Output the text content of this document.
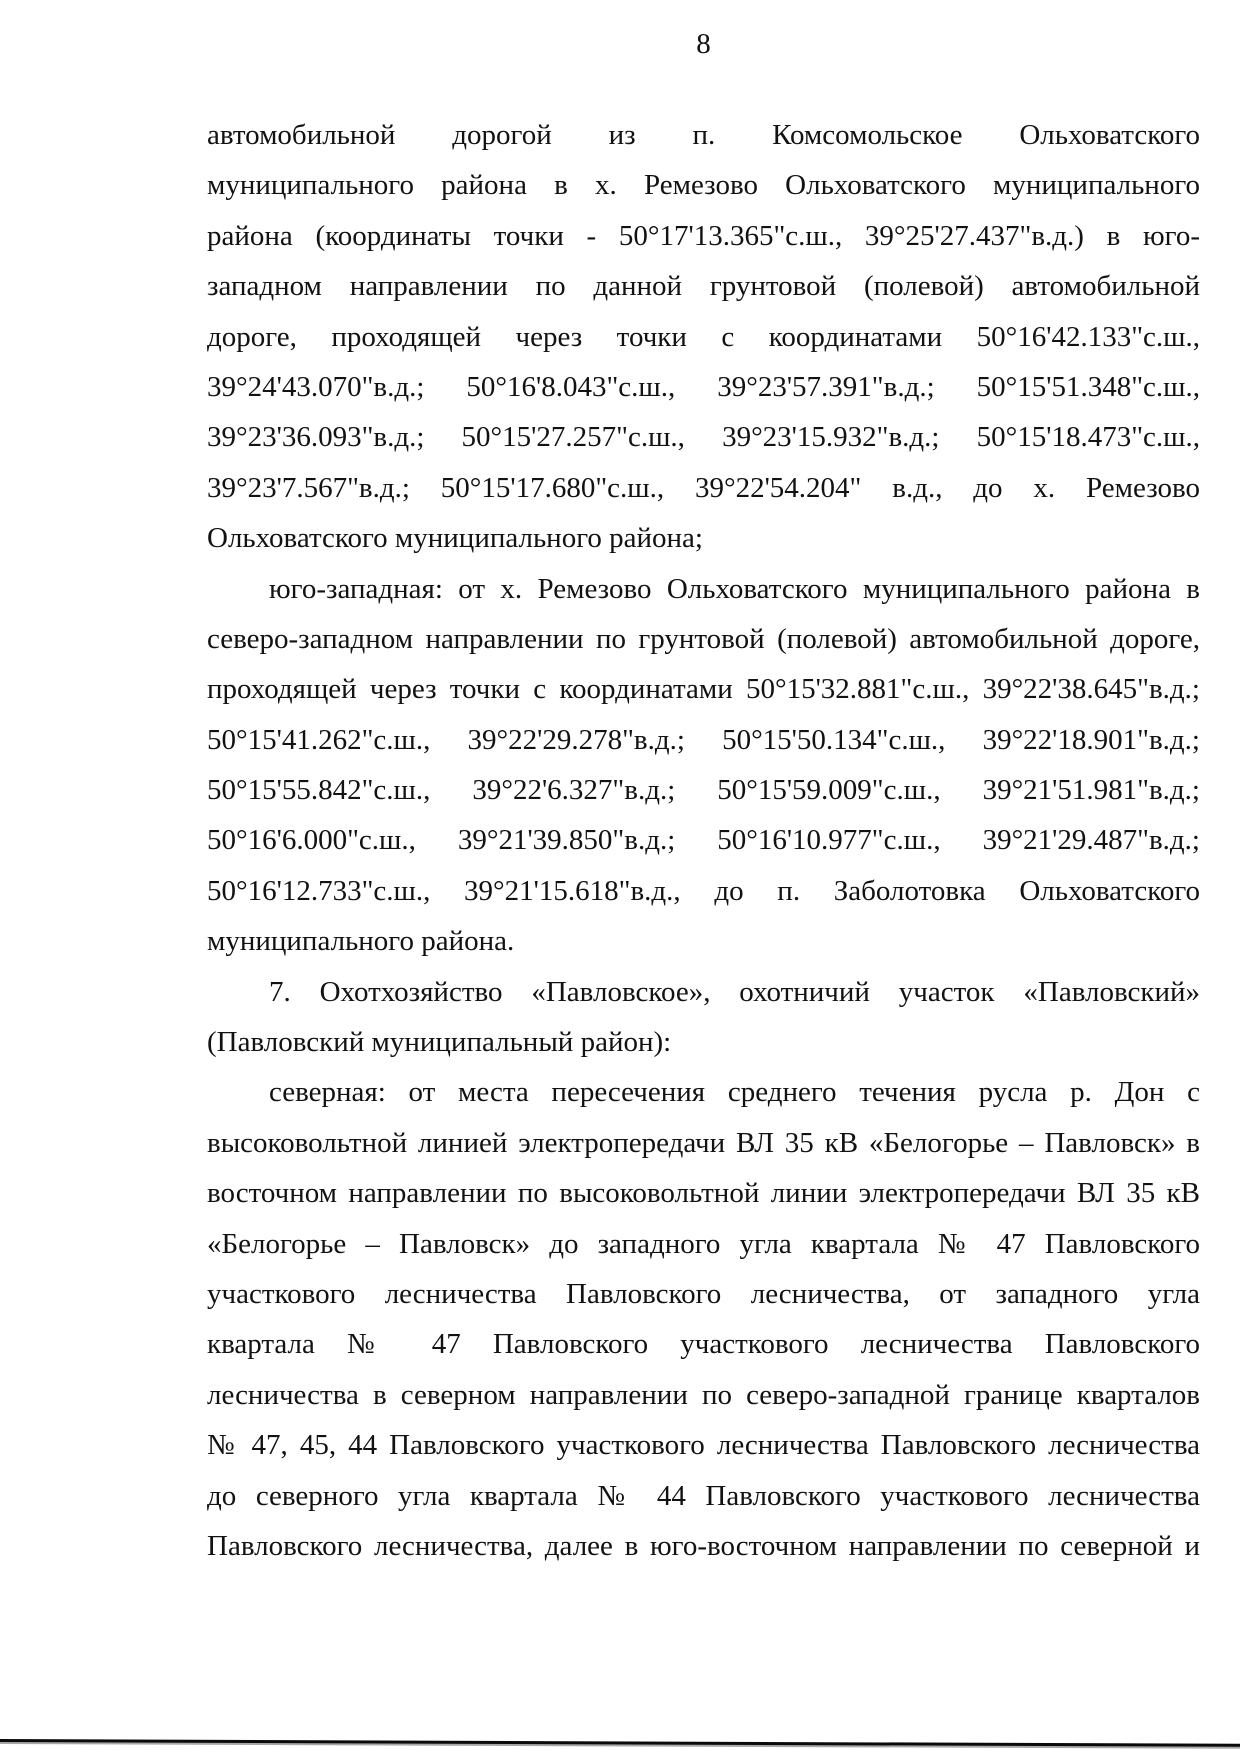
8
автомобильной дорогой из п. Комсомольское Ольховатского
муниципального района в х. Ремезово Ольховатского муниципального
района (координаты точки - 50°17'13.365"с.ш., 39°25'27.437"в.д.) в юго-
западном направлении по данной грунтовой (полевой) автомобильной
дороге, проходящей через точки с координатами 50°16'42.133"с.ш.,
39°24'43.070"в.д.; 50°16'8.043"с.ш., 39°23'57.391"в.д.; 50°15'51.348"с.ш.,
39°23'36.093"в.д.; 50°15'27.257"с.ш., 39°23'15.932"в.д.; 50°15'18.473"с.ш.,
39°23'7.567"в.д.; 50°15'17.680"с.ш., 39°22'54.204" в.д., до х. Ремезово
Ольховатского муниципального района;
юго-западная: от х. Ремезово Ольховатского муниципального района в
северо-западном направлении по грунтовой (полевой) автомобильной дороге,
проходящей через точки с координатами 50°15'32.881"с.ш., 39°22'38.645"в.д.;
50°15'41.262"с.ш., 39°22'29.278"в.д.; 50°15'50.134"с.ш., 39°22'18.901"в.д.;
50°15'55.842"с.ш., 39°22'6.327"в.д.; 50°15'59.009"с.ш., 39°21'51.981"в.д.;
50°16'6.000"с.ш., 39°21'39.850"в.д.; 50°16'10.977"с.ш., 39°21'29.487"в.д.;
50°16'12.733"с.ш., 39°21'15.618"в.д., до п. Заболотовка Ольховатского
муниципального района.
7. Охотхозяйство «Павловское», охотничий участок «Павловский»
(Павловский муниципальный район):
северная: от места пересечения среднего течения русла р. Дон с
высоковольтной линией электропередачи ВЛ 35 кВ «Белогорье – Павловск» в
восточном направлении по высоковольтной линии электропередачи ВЛ 35 кВ
«Белогорье – Павловск» до западного угла квартала № 47 Павловского
участкового лесничества Павловского лесничества, от западного угла
квартала № 47 Павловского участкового лесничества Павловского
лесничества в северном направлении по северо-западной границе кварталов
№ 47, 45, 44 Павловского участкового лесничества Павловского лесничества
до северного угла квартала № 44 Павловского участкового лесничества
Павловского лесничества, далее в юго-восточном направлении по северной и
